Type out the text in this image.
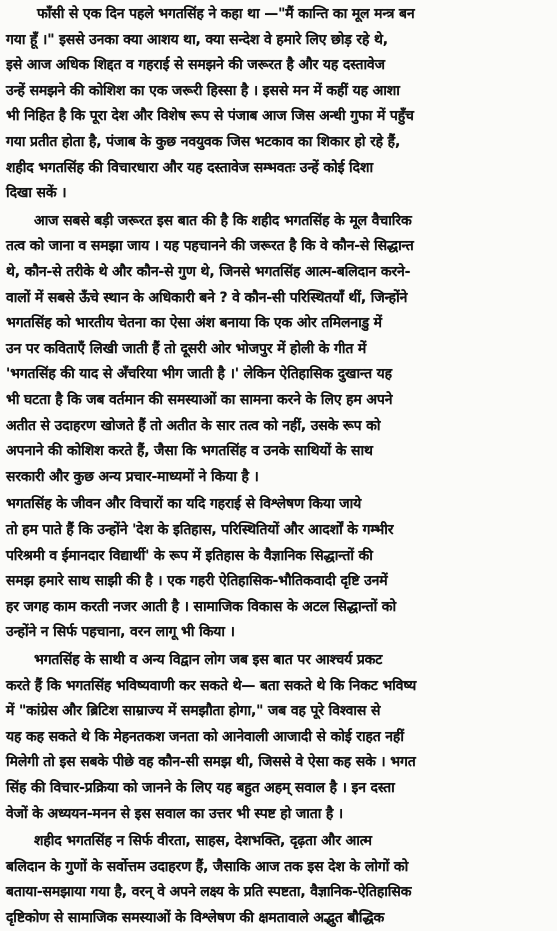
फाँसी से एक दिन पहले भगतसिंह ने कहा था —"मैं कान्ति का मूल मन्त्र बन
गया हूँ ।" इससे उनका क्या आशय था, क्या सन्देश वे हमारे लिए छोड़ रहे थे,
इसे आज अधिक शिद्दत व गहराई से समझने की जरूरत है और यह दस्तावेज
उन्हें समझने की कोशिश का एक जरूरी हिस्सा है । इससे मन में कहीं यह आशा
भी निहित है कि पूरा देश और विशेष रूप से पंजाब आज जिस अन्धी गुफा में पहुँच
गया प्रतीत होता है, पंजाब के कुछ नवयुवक जिस भटकाव का शिकार हो रहे हैं,
शहीद भगतसिंह की विचारधारा और यह दस्तावेज सम्भवतः उन्हें कोई दिशा
दिखा सकें ।
आज सबसे बड़ी जरूरत इस बात की है कि शहीद भगतसिंह के मूल वैचारिक
तत्व को जाना व समझा जाय । यह पहचानने की जरूरत है कि वे कौन-से सिद्धान्त
थे, कौन-से तरीके थे और कौन-से गुण थे, जिनसे भगतसिंह आत्म-बलिदान करने-
वालों में सबसे ऊँचे स्थान के अधिकारी बने ? वे कौन-सी परिस्थितयाँ थीं, जिन्होंने
भगतसिंह को भारतीय चेतना का ऐसा अंश बनाया कि एक ओर तमिलनाडु में
उन पर कविताएँ लिखी जाती हैं तो दूसरी ओर भोजपुर में होली के गीत में
'भगतसिंह की याद से अँचरिया भीग जाती है ।' लेकिन ऐतिहासिक दुखान्त यह
भी घटता है कि जब वर्तमान की समस्याओं का सामना करने के लिए हम अपने
अतीत से उदाहरण खोजते हैं तो अतीत के सार तत्व को नहीं, उसके रूप को
अपनाने की कोशिश करते हैं, जैसा कि भगतसिंह व उनके साथियों के साथ
सरकारी और कुछ अन्य प्रचार-माध्यमों ने किया है ।
भगतसिंह के जीवन और विचारों का यदि गहराई से विश्लेषण किया जाये
तो हम पाते हैं कि उन्होंने 'देश के इतिहास, परिस्थितियों और आदर्शों के गम्भीर
परिश्रमी व ईमानदार विद्यार्थी' के रूप में इतिहास के वैज्ञानिक सिद्धान्तों की
समझ हमारे साथ साझी की है । एक गहरी ऐतिहासिक-भौतिकवादी दृष्टि उनमें
हर जगह काम करती नजर आती है । सामाजिक विकास के अटल सिद्धान्तों को
उन्होंने न सिर्फ पहचाना, वरन लागू भी किया ।
भगतसिंह के साथी व अन्य विद्वान लोग जब इस बात पर आश्चर्य प्रकट
करते हैं कि भगतसिंह भविष्यवाणी कर सकते थे— बता सकते थे कि निकट भविष्य
में "कांग्रेस और ब्रिटिश साम्राज्य में समझौता होगा," जब वह पूरे विश्वास से
यह कह सकते थे कि मेहनतकश जनता को आनेवाली आजादी से कोई राहत नहीं
मिलेगी तो इस सबके पीछे वह कौन-सी समझ थी, जिससे वे ऐसा कह सके । भगत
सिंह की विचार-प्रक्रिया को जानने के लिए यह बहुत अहम् सवाल है । इन दस्ता
वेजों के अध्ययन-मनन से इस सवाल का उत्तर भी स्पष्ट हो जाता है ।
शहीद भगतसिंह न सिर्फ वीरता, साहस, देशभक्ति, दृढ़ता और आत्म
बलिदान के गुणों के सर्वोत्तम उदाहरण हैं, जैसाकि आज तक इस देश के लोगों को
बताया-समझाया गया है, वरन् वे अपने लक्ष्य के प्रति स्पष्टता, वैज्ञानिक-ऐतिहासिक
दृष्टिकोण से सामाजिक समस्याओं के विश्लेषण की क्षमतावाले अद्भुत बौद्धिक
